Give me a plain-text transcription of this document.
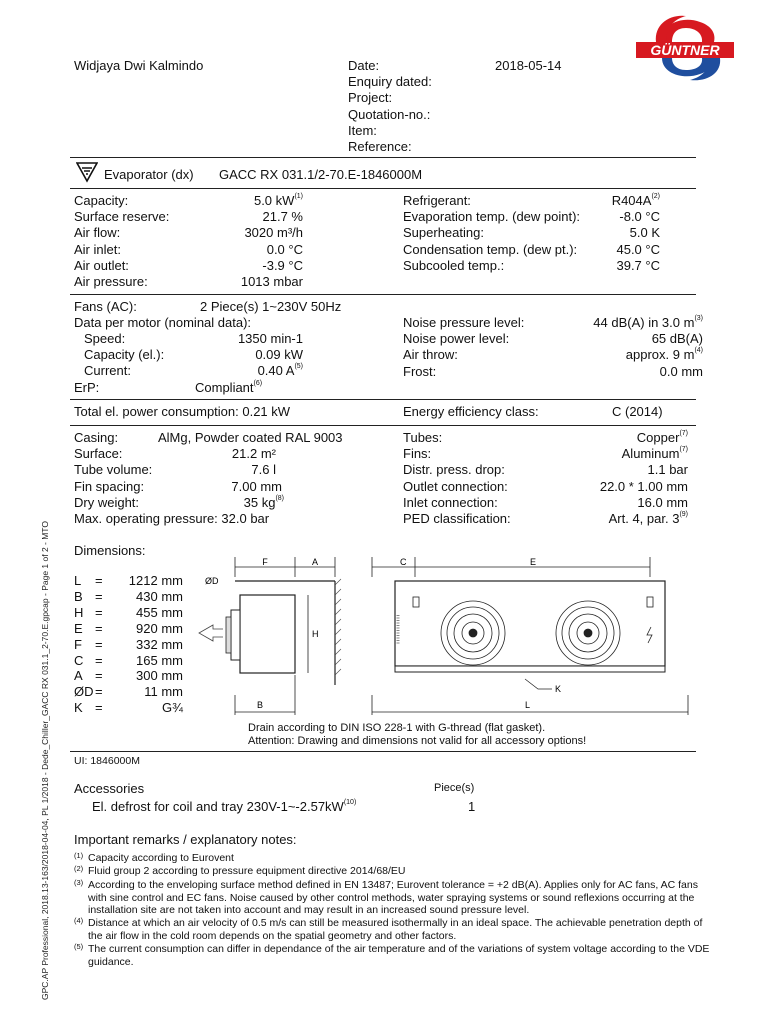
Widjaya Dwi Kalmindo	Date:	2018-05-14
Enquiry dated:
Project:
Quotation-no.:
Item:
Reference:
GÜNTNER
Evaporator (dx) GACC RX 031.1/2-70.E-1846000M
Capacity:	5.0 $kW^{(1)}$
Surface reserve:	21.7 %
Air flow:	3020 m³/h
Air inlet:	0.0 °C
Air outlet:	-3.9 °C
Air pressure:	1013 mbar
Refrigerant:	$R404A^{(2)}$
Evaporation temp. (dew point):	-8.0 °C
Superheating:	5.0 K
Condensation temp. (dew pt.):	45.0 °C
Subcooled temp.:	39.7 °C
Fans (AC):	2 Piece(s) 1~230V 50Hz
Data per motor (nominal data):
Speed:	1350 min-1
Capacity (el.):	0.09 kW
Current:	0.40 $A^{(5)}$
ErP:	Compliant$^{(6)}$
Noise pressure level:	44 dB(A) in 3.0 $m^{(3)}$
Noise power level:	65 dB(A)
Air throw:	approx. 9 $m^{(4)}$
Frost:	0.0 mm
Total el. power consumption: 0.21 kW	Energy efficiency class:	C (2014)
Casing:	AlMg, Powder coated RAL 9003
Surface:	21.2 m²
Tube volume:	7.6 l
Fin spacing:	7.00 mm
Dry weight:	35 $kg^{(8)}$
Max. operating pressure: 32.0 bar
Tubes:	Copper$^{(7)}$
Fins:	Aluminum$^{(7)}$
Distr. press. drop:	1.1 bar
Outlet connection:	22.0 * 1.00 mm
Inlet connection:	16.0 mm
PED classification:	Art. 4, par. 3$^{(9)}$
Dimensions:
L =	1212 mm
B =	430 mm
H =	455 mm
E =	920 mm
F =	332 mm
C =	165 mm
A =	300 mm
ØD =	11 mm
K =	G¾
F	A
ØD
H
B
C	E
K
L
Drain according to DIN ISO 228-1 with G-thread (flat gasket).
Attention: Drawing and dimensions not valid for all accessory options!
UI: 1846000M
Accessories	Piece(s)
El. defrost for coil and tray $230V-1\sim-2.57kW^{(10)}$	1
Important remarks / explanatory notes:
(1) Capacity according to Eurovent
(2) Fluid group 2 according to pressure equipment directive 2014/68/EU
(3) According to the enveloping surface method defined in EN 13487; Eurovent tolerance = +2 dB(A). Applies only for AC fans, AC fans with sine control and EC fans. Noise caused by other control methods, water spraying systems or sound reflexions occurring at the installation site are not taken into account and may result in an increased sound pressure level.
(4) Distance at which an air velocity of 0.5 m/s can still be measured isothermally in an ideal space. The achievable penetration depth of the air flow in the cold room depends on the spatial geometry and other factors.
(5) The current consumption can differ in dependance of the air temperature and of the variations of system voltage according to the VDE guidance.
GPC.AP Professional, 2018.13-163/2018-04-04, PL 1/2018 - Dede_Chiller_GACC RX 031.1_2-70.E.gpcap - Page 1 of 2 - MTO
